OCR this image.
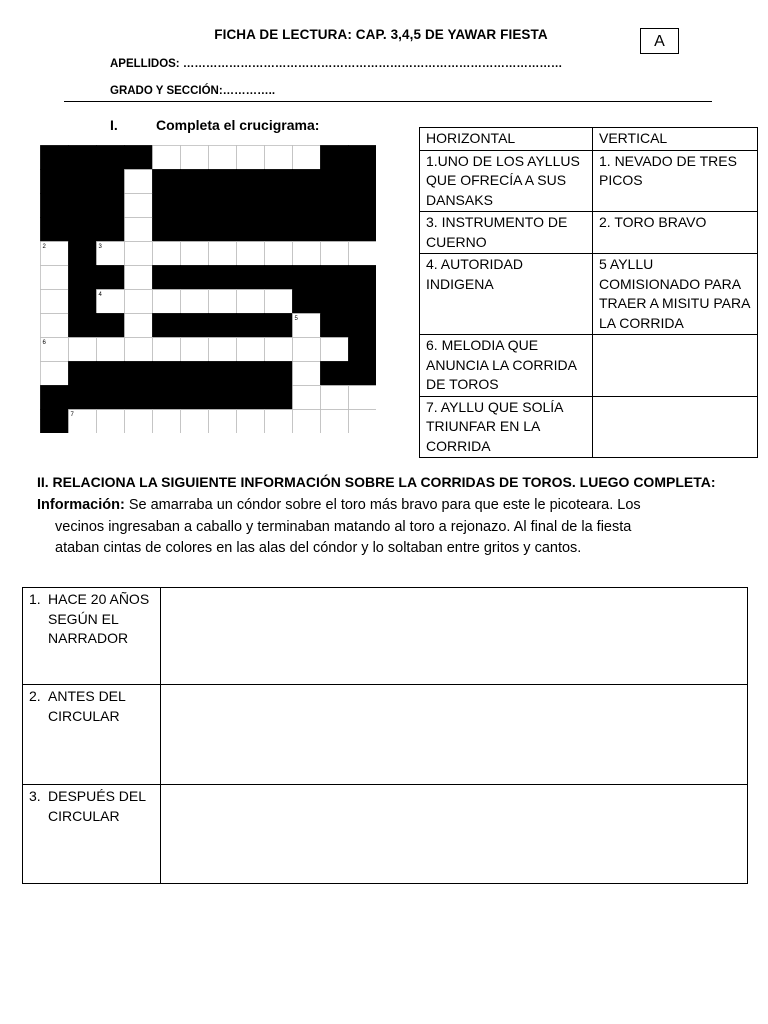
FICHA DE LECTURA: CAP. 3,4,5 DE YAWAR FIESTA	A
APELLIDOS: ………………………………………………………………………………………
GRADO Y SECCIÓN:…………..
I.	Completa el crucigrama:
1
2	3
4
5
6
7
HORIZONTAL	VERTICAL
1.UNO DE LOS AYLLUS QUE OFRECÍA A SUS DANSAKS	1. NEVADO DE TRES PICOS
3. INSTRUMENTO DE CUERNO	2. TORO BRAVO
4. AUTORIDAD INDIGENA	5 AYLLU COMISIONADO PARA TRAER A MISITU PARA LA CORRIDA
6. MELODIA QUE ANUNCIA LA CORRIDA DE TOROS	
7. AYLLU QUE SOLÍA TRIUNFAR EN LA CORRIDA	
II. RELACIONA LA SIGUIENTE INFORMACIÓN SOBRE LA CORRIDAS DE TOROS. LUEGO COMPLETA:
Información: Se amarraba un cóndor sobre el toro más bravo para que este le picoteara. Los
vecinos ingresaban a caballo y terminaban matando al toro a rejonazo. Al final de la fiesta
ataban cintas de colores en las alas del cóndor y lo soltaban entre gritos y cantos.
1. HACE 20 AÑOS SEGÚN EL NARRADOR	
2. ANTES DEL CIRCULAR	
3. DESPUÉS DEL CIRCULAR	
